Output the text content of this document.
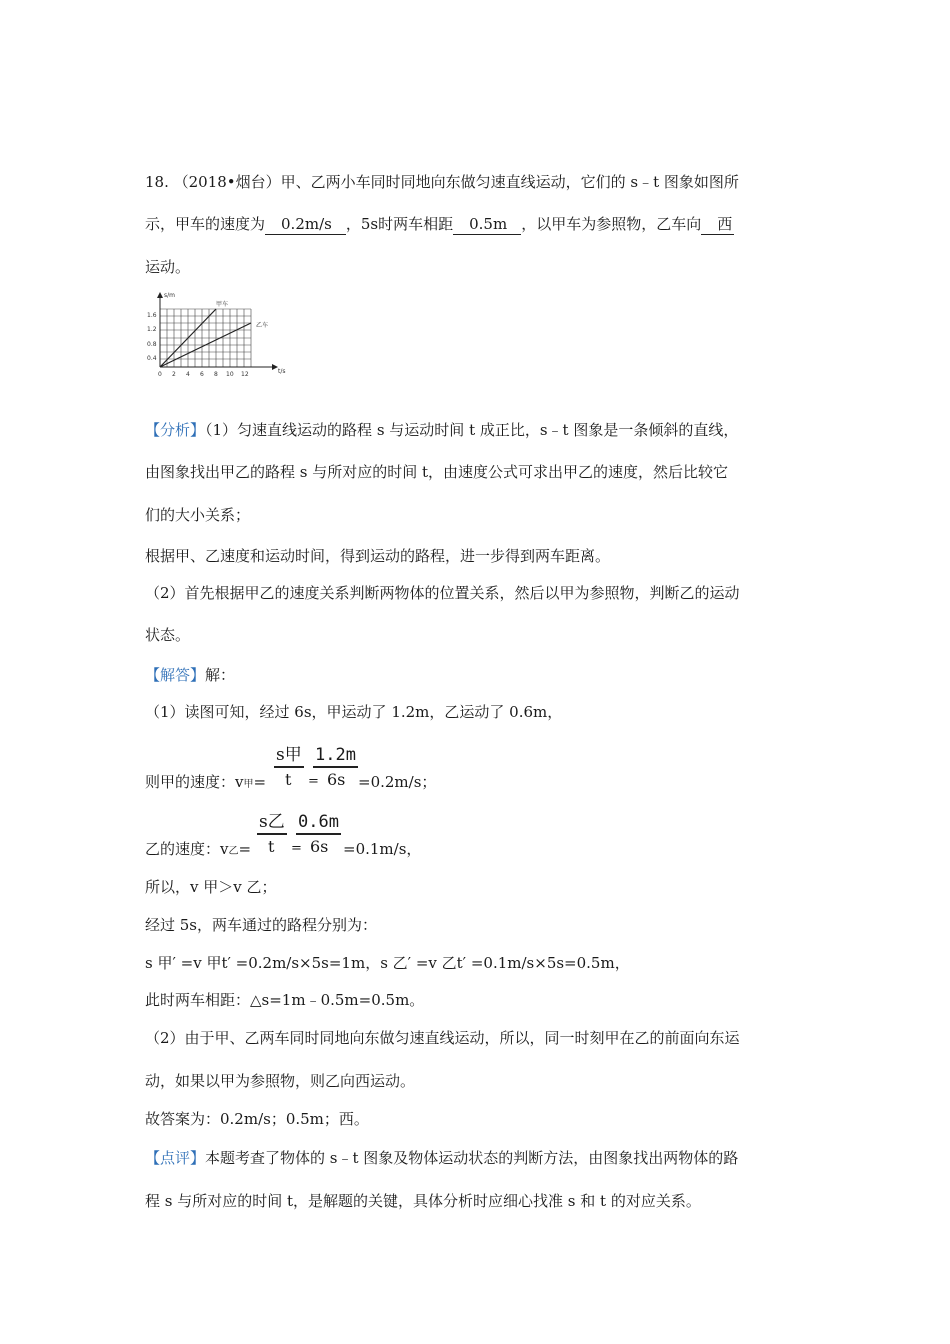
18. （2018•烟台）甲、乙两小车同时同地向东做匀速直线运动，它们的 s﹣t 图象如图所
示，甲车的速度为 0.2m/s ，5s时两车相距 0.5m ，以甲车为参照物，乙车向 西
运动。
s/m
t/s
1.6
1.2
0.8
0.4
0 2 4 6 8 10 12
甲车
乙车
【分析】（1）匀速直线运动的路程 s 与运动时间 t 成正比，s﹣t 图象是一条倾斜的直线，
由图象找出甲乙的路程 s 与所对应的时间 t，由速度公式可求出甲乙的速度，然后比较它
们的大小关系；
根据甲、乙速度和运动时间，得到运动的路程，进一步得到两车距离。
（2）首先根据甲乙的速度关系判断两物体的位置关系，然后以甲为参照物，判断乙的运动
状态。
【解答】解：
（1）读图可知，经过 6s，甲运动了 1.2m，乙运动了 0.6m，
则甲的速度：v甲=
s甲 1.2m
t = 6s =0.2m/s；
乙的速度：v乙=
s乙 0.6m
t = 6s =0.1m/s，
所以，v 甲＞v 乙；
经过 5s，两车通过的路程分别为：
s 甲′ =v 甲t′ =0.2m/s×5s=1m，s 乙′ =v 乙t′ =0.1m/s×5s=0.5m，
此时两车相距：△s=1m﹣0.5m=0.5m。
（2）由于甲、乙两车同时同地向东做匀速直线运动，所以，同一时刻甲在乙的前面向东运
动，如果以甲为参照物，则乙向西运动。
故答案为：0.2m/s；0.5m；西。
【点评】本题考查了物体的 s﹣t 图象及物体运动状态的判断方法，由图象找出两物体的路
程 s 与所对应的时间 t，是解题的关键，具体分析时应细心找准 s 和 t 的对应关系。
